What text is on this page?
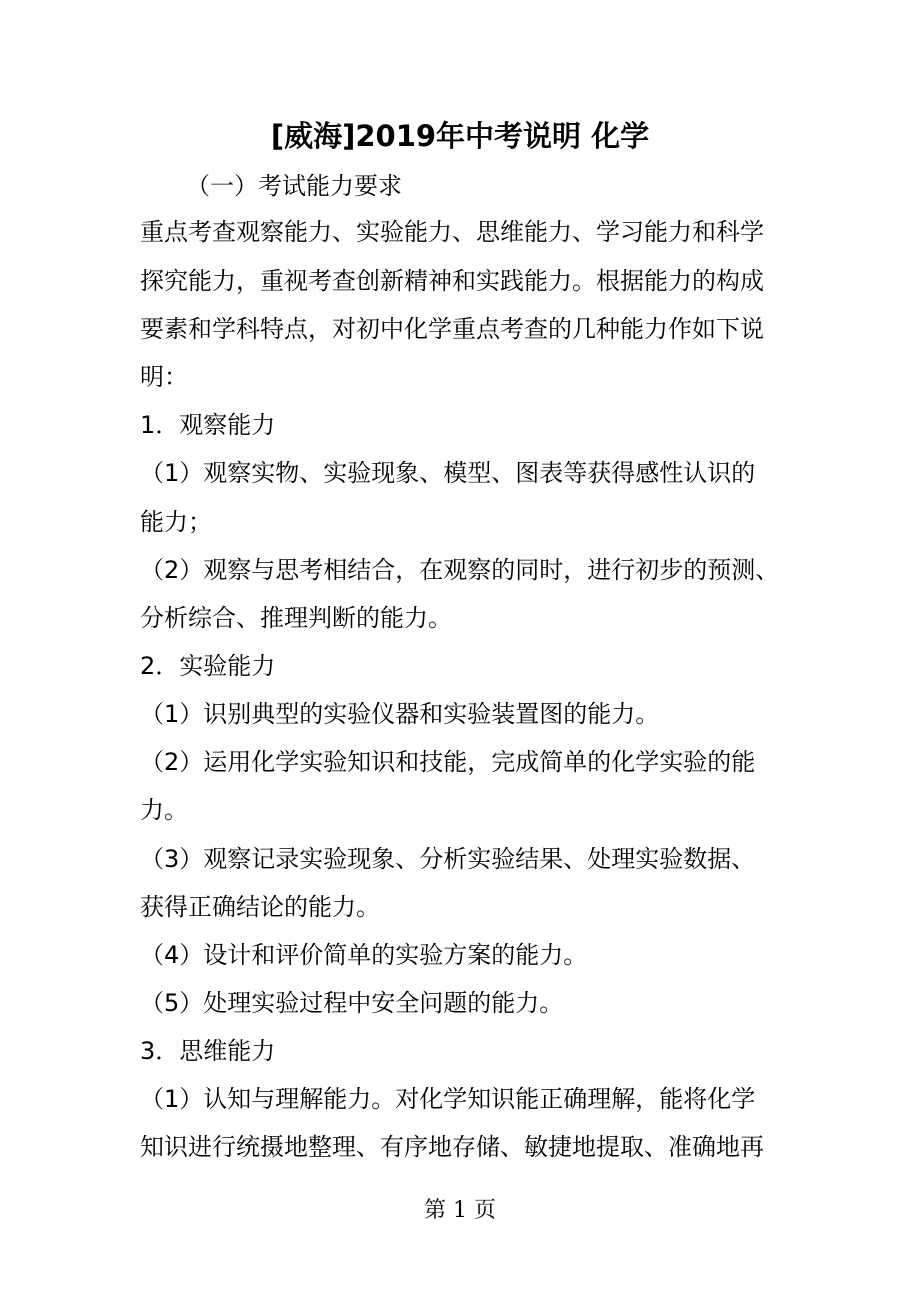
[威海]2019年中考说明 化学
（一）考试能力要求
重点考查观察能力、实验能力、思维能力、学习能力和科学
探究能力，重视考查创新精神和实践能力。根据能力的构成
要素和学科特点，对初中化学重点考查的几种能力作如下说
明：
1．观察能力
（1）观察实物、实验现象、模型、图表等获得感性认识的
能力；
（2）观察与思考相结合，在观察的同时，进行初步的预测、
分析综合、推理判断的能力。
2．实验能力
（1）识别典型的实验仪器和实验装置图的能力。
（2）运用化学实验知识和技能，完成简单的化学实验的能
力。
（3）观察记录实验现象、分析实验结果、处理实验数据、
获得正确结论的能力。
（4）设计和评价简单的实验方案的能力。
（5）处理实验过程中安全问题的能力。
3．思维能力
（1）认知与理解能力。对化学知识能正确理解，能将化学
知识进行统摄地整理、有序地存储、敏捷地提取、准确地再
第 1 页
